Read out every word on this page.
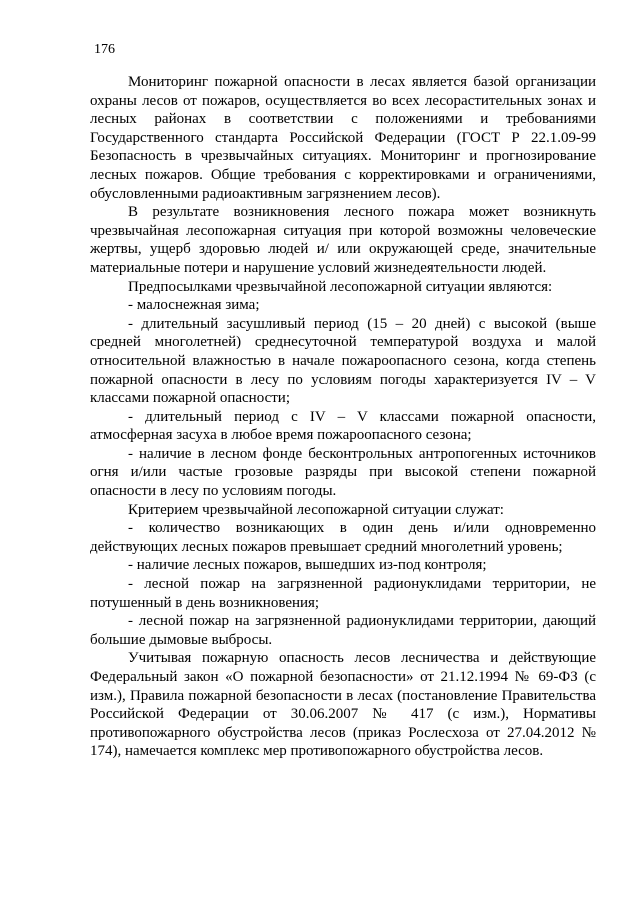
176

Мониторинг пожарной опасности в лесах является базой организации охраны лесов от пожаров, осуществляется во всех лесорастительных зонах и лесных районах в соответствии с положениями и требованиями Государственного стандарта Российской Федерации (ГОСТ Р 22.1.09-99 Безопасность в чрезвычайных ситуациях. Мониторинг и прогнозирование лесных пожаров. Общие требования с корректировками и ограничениями, обусловленными радиоактивным загрязнением лесов).

В результате возникновения лесного пожара может возникнуть чрезвычайная лесопожарная ситуация при которой возможны человеческие жертвы, ущерб здоровью людей и/ или окружающей среде, значительные материальные потери и нарушение условий жизнедеятельности людей.

Предпосылками чрезвычайной лесопожарной ситуации являются:

- малоснежная зима;

- длительный засушливый период (15 – 20 дней) с высокой (выше средней многолетней) среднесуточной температурой воздуха и малой относительной влажностью в начале пожароопасного сезона, когда степень пожарной опасности в лесу по условиям погоды характеризуется IV – V классами пожарной опасности;

- длительный период с IV – V классами пожарной опасности, атмосферная засуха в любое время пожароопасного сезона;

- наличие в лесном фонде бесконтрольных антропогенных источников огня и/или частые грозовые разряды при высокой степени пожарной опасности в лесу по условиям погоды.

Критерием чрезвычайной лесопожарной ситуации служат:

- количество возникающих в один день и/или одновременно действующих лесных пожаров превышает средний многолетний уровень;

- наличие лесных пожаров, вышедших из-под контроля;

- лесной пожар на загрязненной радионуклидами территории, не потушенный в день возникновения;

- лесной пожар на загрязненной радионуклидами территории, дающий большие дымовые выбросы.

Учитывая пожарную опасность лесов лесничества и действующие Федеральный закон «О пожарной безопасности» от 21.12.1994 № 69-ФЗ (с изм.), Правила пожарной безопасности в лесах (постановление Правительства Российской Федерации от 30.06.2007 № 417 (с изм.), Нормативы противопожарного обустройства лесов (приказ Рослесхоза от 27.04.2012 № 174), намечается комплекс мер противопожарного обустройства лесов.
